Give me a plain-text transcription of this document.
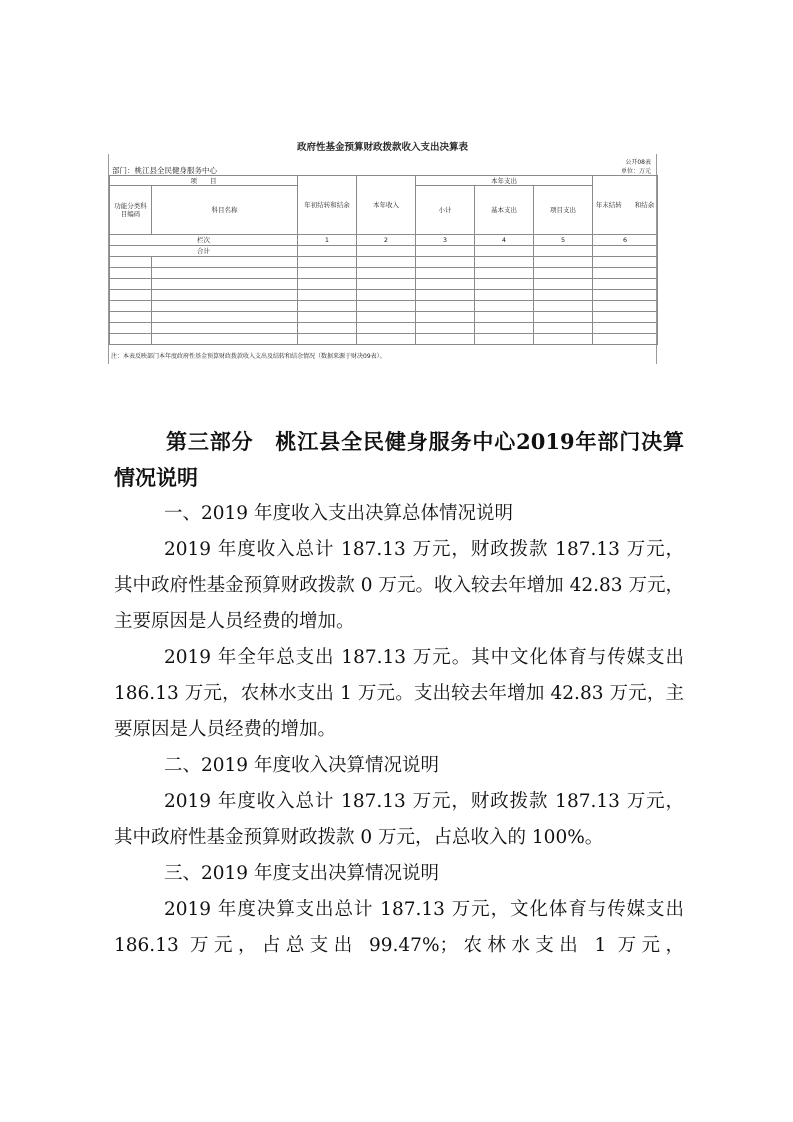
政府性基金预算财政拨款收入支出决算表
公开08表
单位：万元
部门：桃江县全民健身服务中心
项　　目		年初结转和结余	本年收入	本年支出			年末结转　　和结余
功能分类科目编码	科目名称			小计	基本支出	项目支出	
栏次		1	2	3	4	5	6
合计							

注：本表反映部门本年度政府性基金预算财政拨款收入支出及结转和结余情况（数据来源于财决09表）。
第三部分　桃江县全民健身服务中心2019年部门决算情况说明
一、2019 年度收入支出决算总体情况说明
2019 年度收入总计 187.13 万元，财政拨款 187.13 万元，其中政府性基金预算财政拨款 0 万元。收入较去年增加 42.83 万元，主要原因是人员经费的增加。
2019 年全年总支出 187.13 万元。其中文化体育与传媒支出 186.13 万元，农林水支出 1 万元。支出较去年增加 42.83 万元，主要原因是人员经费的增加。
二、2019 年度收入决算情况说明
2019 年度收入总计 187.13 万元，财政拨款 187.13 万元，其中政府性基金预算财政拨款 0 万元，占总收入的 100%。
三、2019 年度支出决算情况说明
2019 年度决算支出总计 187.13 万元，文化体育与传媒支出 186.13 万元，占总支出 99.47%；农林水支出 1 万元，
